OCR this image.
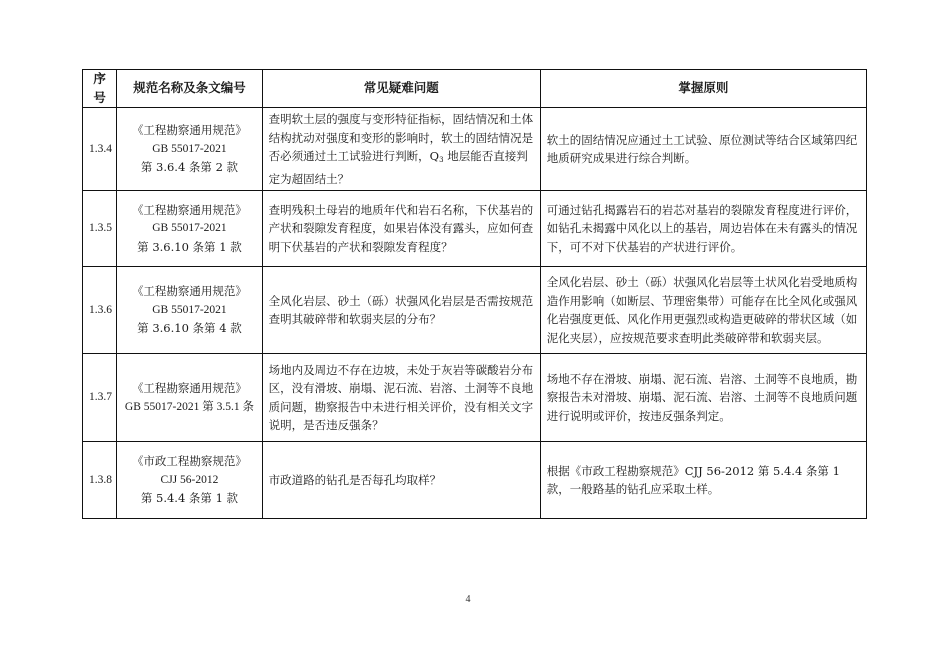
序号	规范名称及条文编号	常见疑难问题	掌握原则
1.3.4	《工程勘察通用规范》
GB 55017-2021
第 3.6.4 条第 2 款	查明软土层的强度与变形特征指标，固结情况和土体结构扰动对强度和变形的影响时，软土的固结情况是否必须通过土工试验进行判断，$Q_3$ 地层能否直接判定为超固结土？	软土的固结情况应通过土工试验、原位测试等结合区域第四纪地质研究成果进行综合判断。
1.3.5	《工程勘察通用规范》
GB 55017-2021
第 3.6.10 条第 1 款	查明残积土母岩的地质年代和岩石名称，下伏基岩的产状和裂隙发育程度，如果岩体没有露头，应如何查明下伏基岩的产状和裂隙发育程度？	可通过钻孔揭露岩石的岩芯对基岩的裂隙发育程度进行评价，如钻孔未揭露中风化以上的基岩，周边岩体在未有露头的情况下，可不对下伏基岩的产状进行评价。
1.3.6	《工程勘察通用规范》
GB 55017-2021
第 3.6.10 条第 4 款	全风化岩层、砂土（砾）状强风化岩层是否需按规范查明其破碎带和软弱夹层的分布？	全风化岩层、砂土（砾）状强风化岩层等土状风化岩受地质构造作用影响（如断层、节理密集带）可能存在比全风化或强风化岩强度更低、风化作用更强烈或构造更破碎的带状区域（如泥化夹层），应按规范要求查明此类破碎带和软弱夹层。
1.3.7	《工程勘察通用规范》
GB 55017-2021 第 3.5.1 条	场地内及周边不存在边坡，未处于灰岩等碳酸岩分布区，没有滑坡、崩塌、泥石流、岩溶、土洞等不良地质问题，勘察报告中未进行相关评价，没有相关文字说明，是否违反强条？	场地不存在滑坡、崩塌、泥石流、岩溶、土洞等不良地质，勘察报告未对滑坡、崩塌、泥石流、岩溶、土洞等不良地质问题进行说明或评价，按违反强条判定。
1.3.8	《市政工程勘察规范》
CJJ 56-2012
第 5.4.4 条第 1 款	市政道路的钻孔是否每孔均取样？	根据《市政工程勘察规范》CJJ 56-2012 第 5.4.4 条第 1 款，一般路基的钻孔应采取土样。
4
